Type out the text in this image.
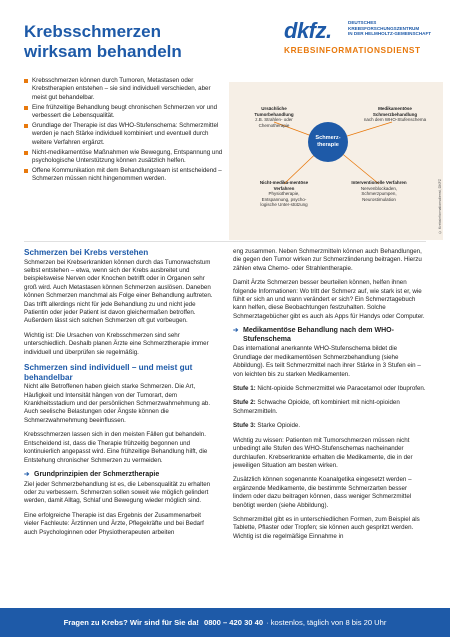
Krebsschmerzen
wirksam behandeln
dkfz.	DEUTSCHES
KREBSFORSCHUNGSZENTRUM
IN DER HELMHOLTZ-GEMEINSCHAFT
KREBSINFORMATIONSDIENST
Krebsschmerzen können durch Tumoren, Metastasen oder Krebstherapien entstehen – sie sind individuell verschieden, aber meist gut behandelbar.
Eine frühzeitige Behandlung beugt chronischen Schmerzen vor und verbessert die Lebensqualität.
Grundlage der Therapie ist das WHO-Stufenschema: Schmerzmittel werden je nach Stärke individuell kombiniert und eventuell durch weitere Verfahren ergänzt.
Nicht-medikamentöse Maßnahmen wie Bewegung, Entspannung und psychologische Unterstützung können zusätzlich helfen.
Offene Kommunikation mit dem Behandlungsteam ist entscheidend – Schmerzen müssen nicht hingenommen werden.
Ursächliche Tumorbehandlung
z.B. Strahlen- oder Chemotherapie
Medikamentöse Schmerzbehandlung
nach dem WHO-Stufenschema
Schmerz-therapie
Nicht-medika-mentöse Verfahren
Physiotherapie, Entspannung, psycho-logische Unter-stützung
Interventionelle Verfahren
Nervenblockaden, Schmerzpumpen, Neurostimulation	© Krebsinformationsdienst, DKFZ
Schmerzen bei Krebs verstehen

Schmerzen bei Krebserkrankten können durch das Tumorwachstum selbst entstehen – etwa, wenn sich der Krebs ausbreitet und beispielsweise Nerven oder Knochen betrifft oder in Organen sehr groß wird. Auch Metastasen können Schmerzen auslösen. Daneben können Schmerzen manchmal als Folge einer Behandlung auftreten. Das trifft allerdings nicht für jede Behandlung zu und nicht jede Patientin oder jeder Patient ist davon gleichermaßen betroffen. Außerdem lässt sich solchen Schmerzen oft gut vorbeugen.

Wichtig ist: Die Ursachen von Krebsschmerzen sind sehr unterschiedlich. Deshalb planen Ärzte eine Schmerztherapie immer individuell und überprüfen sie regelmäßig.

Schmerzen sind individuell – und meist gut behandelbar

Nicht alle Betroffenen haben gleich starke Schmerzen. Die Art, Häufigkeit und Intensität hängen von der Tumorart, dem Krankheitsstadium und der persönlichen Schmerzwahrnehmung ab. Auch seelische Belastungen oder Ängste können die Schmerzwahrnehmung beeinflussen.

Krebsschmerzen lassen sich in den meisten Fällen gut behandeln. Entscheidend ist, dass die Therapie frühzeitig begonnen und kontinuierlich angepasst wird. Eine frühzeitige Behandlung hilft, die Entstehung chronischer Schmerzen zu vermeiden.

➔ Grundprinzipien der Schmerztherapie

Ziel jeder Schmerzbehandlung ist es, die Lebensqualität zu erhalten oder zu verbessern. Schmerzen sollen soweit wie möglich gelindert werden, damit Alltag, Schlaf und Bewegung wieder möglich sind.

Eine erfolgreiche Therapie ist das Ergebnis der Zusammenarbeit vieler Fachleute: Ärztinnen und Ärzte, Pflegekräfte und bei Bedarf auch Psychologinnen oder Physiotherapeuten arbeiten

eng zusammen. Neben Schmerzmitteln können auch Behandlungen, die gegen den Tumor wirken zur Schmerzlinderung beitragen. Hierzu zählen etwa Chemo- oder Strahlentherapie.

Damit Ärzte Schmerzen besser beurteilen können, helfen ihnen folgende Informationen: Wo tritt der Schmerz auf, wie stark ist er, wie fühlt er sich an und wann verändert er sich? Ein Schmerztagebuch kann helfen, diese Beobachtungen festzuhalten. Solche Schmerztagebücher gibt es auch als Apps für Handys oder Computer.

➔ Medikamentöse Behandlung nach dem WHO-Stufenschema

Das international anerkannte WHO-Stufenschema bildet die Grundlage der medikamentösen Schmerzbehandlung (siehe Abbildung). Es teilt Schmerzmittel nach ihrer Stärke in 3 Stufen ein – von leichten bis zu starken Medikamenten.

Stufe 1: Nicht-opioide Schmerzmittel wie Paracetamol oder Ibuprofen.

Stufe 2: Schwache Opioide, oft kombiniert mit nicht-opioiden Schmerzmitteln.

Stufe 3: Starke Opioide.

Wichtig zu wissen: Patienten mit Tumorschmerzen müssen nicht unbedingt alle Stufen des WHO-Stufenschemas nacheinander durchlaufen. Krebserkrankte erhalten die Medikamente, die in der jeweiligen Situation am besten wirken.

Zusätzlich können sogenannte Koanalgetika eingesetzt werden – ergänzende Medikamente, die bestimmte Schmerzarten besser lindern oder dazu beitragen können, dass weniger Schmerzmittel benötigt werden (siehe Abbildung).

Schmerzmittel gibt es in unterschiedlichen Formen, zum Beispiel als Tablette, Pflaster oder Tropfen; sie können auch gespritzt werden. Wichtig ist die regelmäßige Einnahme in

Fragen zu Krebs? Wir sind für Sie da! 0800 – 420 30 40 · kostenlos, täglich von 8 bis 20 Uhr
